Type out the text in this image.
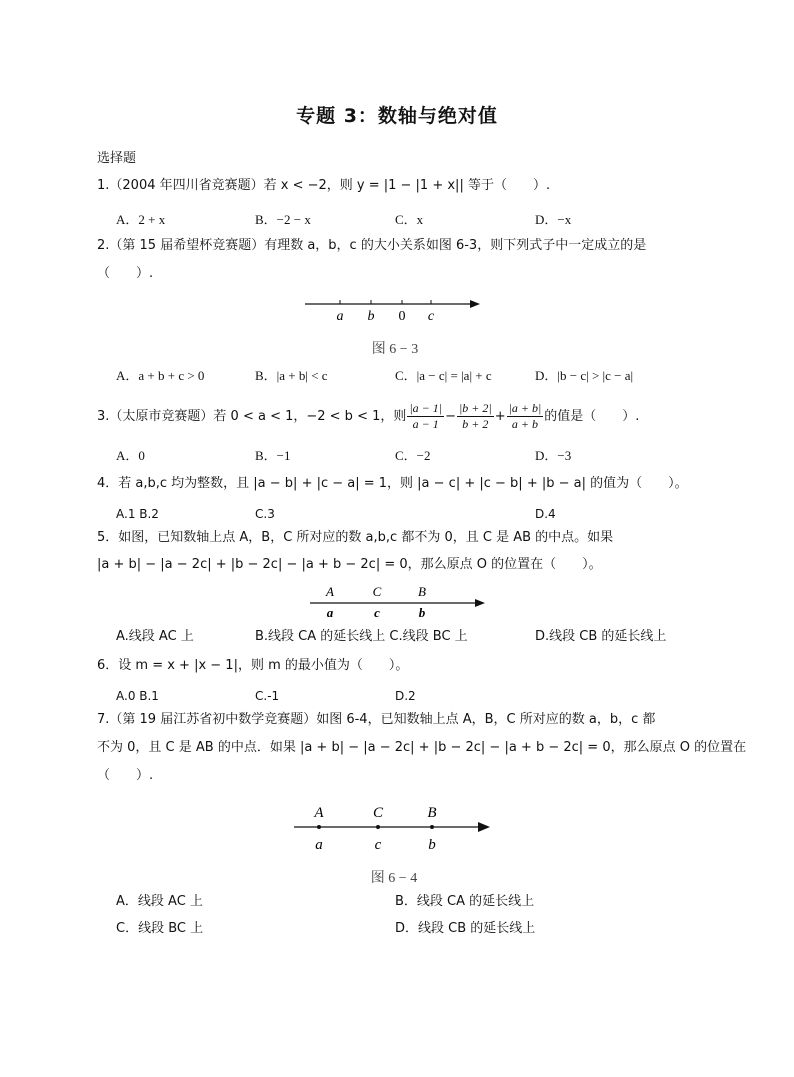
专题 3：数轴与绝对值
选择题
1.（2004 年四川省竞赛题）若 x < −2，则 y = |1 − |1 + x|| 等于（　　）.
A．2 + x	B．−2 − x	C．x	D．−x
2.（第 15 届希望杯竞赛题）有理数 a，b，c 的大小关系如图 6-3，则下列式子中一定成立的是
（　　）.
a b 0 c
图 6 − 3
A．a + b + c > 0	B．|a + b| < c	C．|a − c| = |a| + c	D．|b − c| > |c − a|
3.（太原市竞赛题）若 0 < a < 1，−2 < b < 1，则 $\frac{|a - 1|}{a - 1} - \frac{|b + 2|}{b + 2} + \frac{|a + b|}{a + b}$ 的值是（　　）.
A．0	B．−1	C．−2	D．−3
4．若 a,b,c 均为整数，且 |a − b| + |c − a| = 1，则 |a − c| + |c − b| + |b − a| 的值为（　　）。
A.1 B.2	C.3	D.4
5．如图，已知数轴上点 A，B，C 所对应的数 a,b,c 都不为 0，且 C 是 AB 的中点。如果
|a + b| − |a − 2c| + |b − 2c| − |a + b − 2c| = 0，那么原点 O 的位置在（　　）。
A	C	B
a	c	b
A.线段 AC 上	B.线段 CA 的延长线上 C.线段 BC 上	D.线段 CB 的延长线上
6．设 m = x + |x − 1|，则 m 的最小值为（　　）。
A.0 B.1	C.-1	D.2
7.（第 19 届江苏省初中数学竞赛题）如图 6-4，已知数轴上点 A，B，C 所对应的数 a，b，c 都
不为 0，且 C 是 AB 的中点．如果 |a + b| − |a − 2c| + |b − 2c| − |a + b − 2c| = 0，那么原点 O 的位置在
（　　）.
A	C	B
a	c	b
图 6 − 4
A．线段 AC 上	B．线段 CA 的延长线上
C．线段 BC 上	D．线段 CB 的延长线上
